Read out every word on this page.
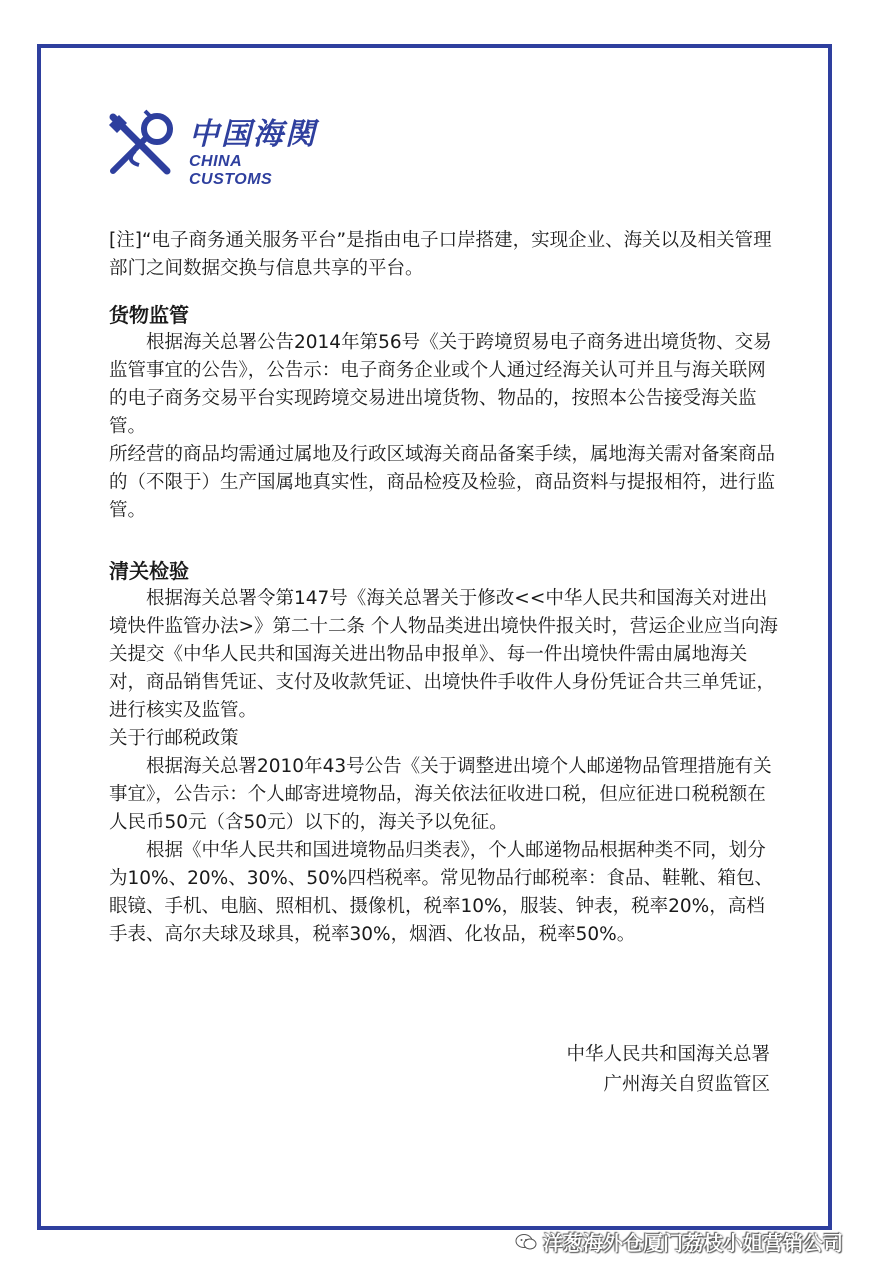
中国海関
CHINA CUSTOMS

[注]“电子商务通关服务平台”是指由电子口岸搭建，实现企业、海关以及相关管理部门之间数据交换与信息共享的平台。

货物监管

根据海关总署公告2014年第56号《关于跨境贸易电子商务进出境货物、交易监管事宜的公告》，公告示：电子商务企业或个人通过经海关认可并且与海关联网的电子商务交易平台实现跨境交易进出境货物、物品的，按照本公告接受海关监管。

所经营的商品均需通过属地及行政区域海关商品备案手续，属地海关需对备案商品的（不限于）生产国属地真实性，商品检疫及检验，商品资料与提报相符，进行监管。

清关检验

根据海关总署令第147号《海关总署关于修改<<中华人民共和国海关对进出境快件监管办法>》第二十二条 个人物品类进出境快件报关时，营运企业应当向海关提交《中华人民共和国海关进出物品申报单》、每一件出境快件需由属地海关对，商品销售凭证、支付及收款凭证、出境快件手收件人身份凭证合共三单凭证，进行核实及监管。

关于行邮税政策

根据海关总署2010年43号公告《关于调整进出境个人邮递物品管理措施有关事宜》，公告示：个人邮寄进境物品，海关依法征收进口税，但应征进口税税额在人民币50元（含50元）以下的，海关予以免征。

根据《中华人民共和国进境物品归类表》，个人邮递物品根据种类不同，划分为10%、20%、30%、50%四档税率。常见物品行邮税率：食品、鞋靴、箱包、眼镜、手机、电脑、照相机、摄像机，税率10%，服装、钟表，税率20%，高档手表、高尔夫球及球具，税率30%，烟酒、化妆品，税率50%。

中华人民共和国海关总署
广州海关自贸监管区
洋葱海外仓厦门荔枝小姐营销公司
